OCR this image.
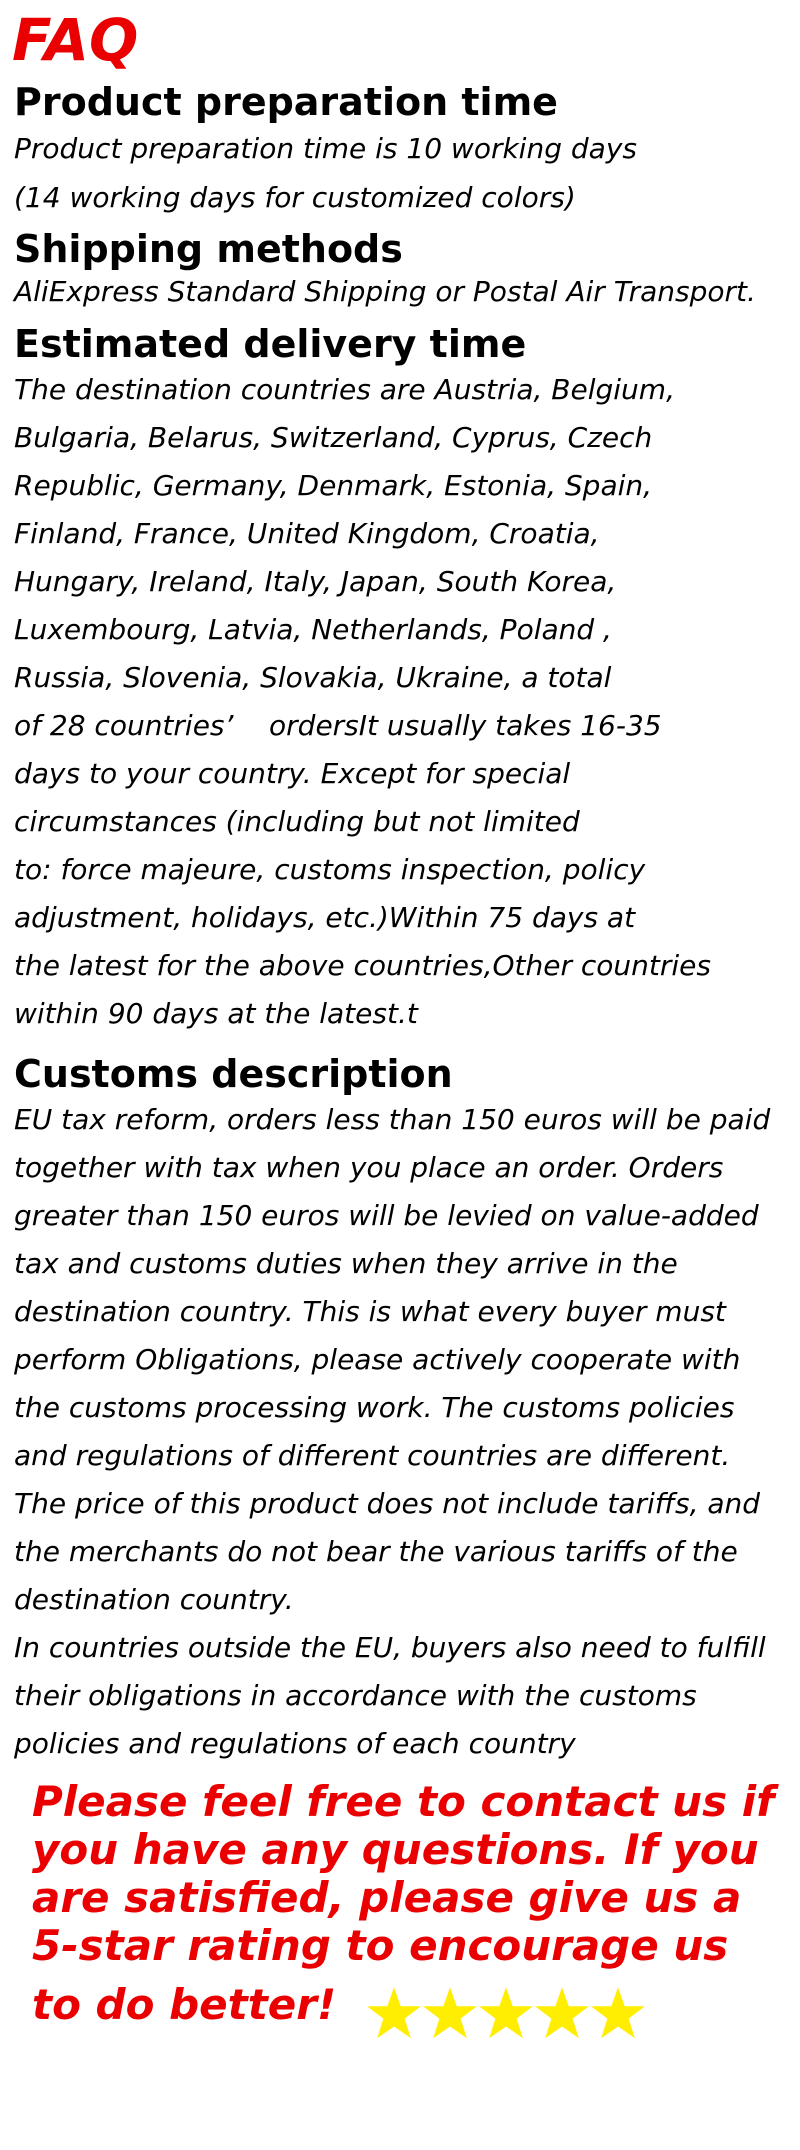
FAQ
Product preparation time
Product preparation time is 10 working days
(14 working days for customized colors)
Shipping methods
AliExpress Standard Shipping or Postal Air Transport.
Estimated delivery time
The destination countries are Austria, Belgium,
Bulgaria, Belarus, Switzerland, Cyprus, Czech
Republic, Germany, Denmark, Estonia, Spain,
Finland, France, United Kingdom, Croatia,
Hungary, Ireland, Italy, Japan, South Korea,
Luxembourg, Latvia, Netherlands, Poland ,
Russia, Slovenia, Slovakia, Ukraine, a total
of 28 countries’    ordersIt usually takes 16-35
days to your country. Except for special
circumstances (including but not limited
to: force majeure, customs inspection, policy
adjustment, holidays, etc.)Within 75 days at
the latest for the above countries,Other countries
within 90 days at the latest.t
Customs description
EU tax reform, orders less than 150 euros will be paid
together with tax when you place an order. Orders
greater than 150 euros will be levied on value-added
tax and customs duties when they arrive in the
destination country. This is what every buyer must
perform Obligations, please actively cooperate with
the customs processing work. The customs policies
and regulations of different countries are different.
The price of this product does not include tariffs, and
the merchants do not bear the various tariffs of the
destination country.
In countries outside the EU, buyers also need to fulfill
their obligations in accordance with the customs
policies and regulations of each country
Please feel free to contact us if
you have any questions. If you
are satisfied, please give us a
5-star rating to encourage us
to do better!
